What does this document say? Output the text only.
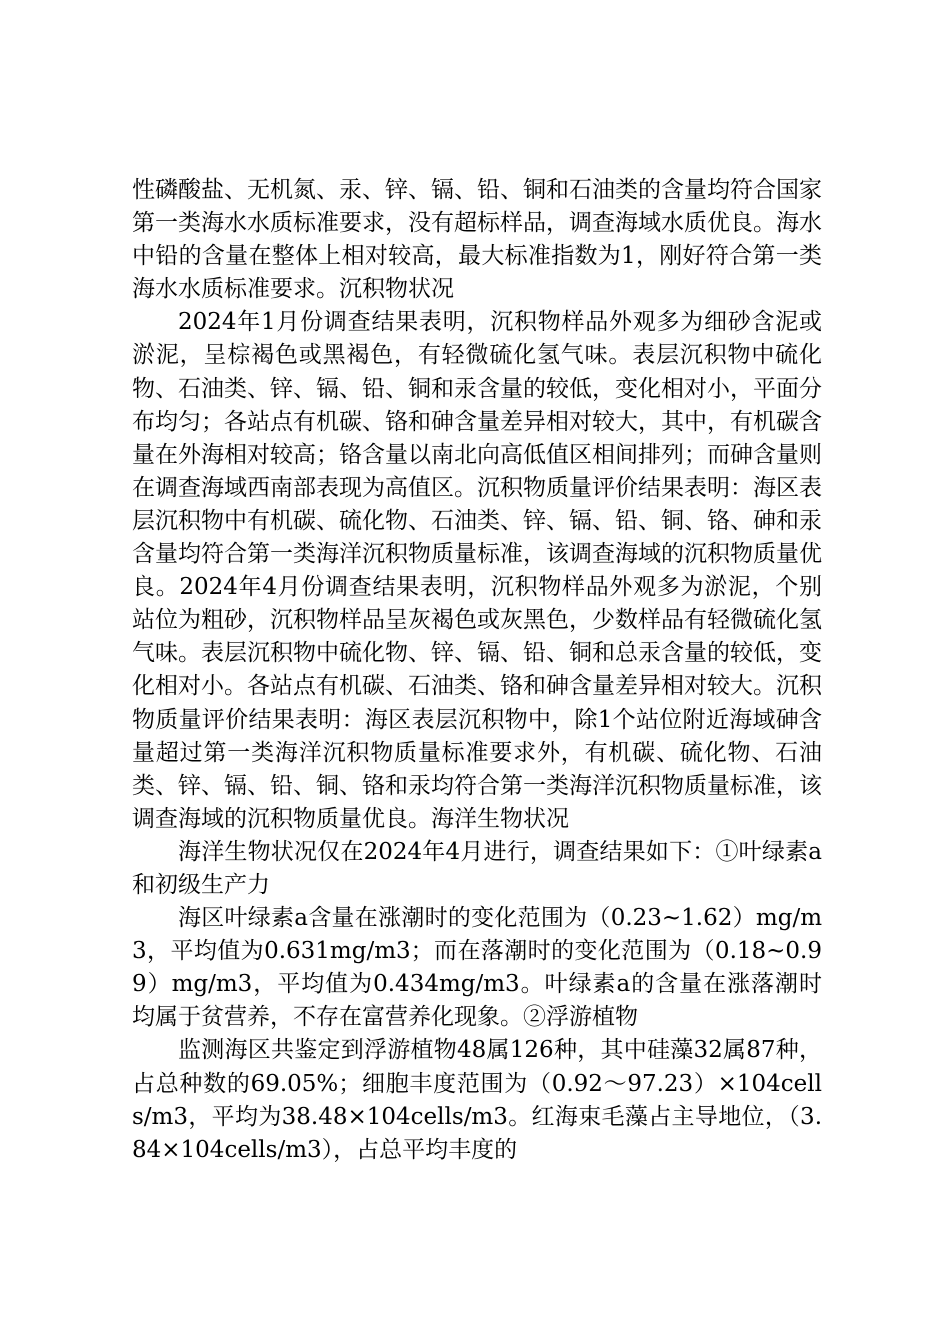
性磷酸盐、无机氮、汞、锌、镉、铅、铜和石油类的含量均符合国家第一类海水水质标准要求，没有超标样品，调查海域水质优良。海水中铅的含量在整体上相对较高，最大标准指数为1，刚好符合第一类海水水质标准要求。沉积物状况

2024年1月份调查结果表明，沉积物样品外观多为细砂含泥或淤泥，呈棕褐色或黑褐色，有轻微硫化氢气味。表层沉积物中硫化物、石油类、锌、镉、铅、铜和汞含量的较低，变化相对小，平面分布均匀；各站点有机碳、铬和砷含量差异相对较大，其中，有机碳含量在外海相对较高；铬含量以南北向高低值区相间排列；而砷含量则在调查海域西南部表现为高值区。沉积物质量评价结果表明：海区表层沉积物中有机碳、硫化物、石油类、锌、镉、铅、铜、铬、砷和汞含量均符合第一类海洋沉积物质量标准，该调查海域的沉积物质量优良。2024年4月份调查结果表明，沉积物样品外观多为淤泥，个别站位为粗砂，沉积物样品呈灰褐色或灰黑色，少数样品有轻微硫化氢气味。表层沉积物中硫化物、锌、镉、铅、铜和总汞含量的较低，变化相对小。各站点有机碳、石油类、铬和砷含量差异相对较大。沉积物质量评价结果表明：海区表层沉积物中，除1个站位附近海域砷含量超过第一类海洋沉积物质量标准要求外，有机碳、硫化物、石油类、锌、镉、铅、铜、铬和汞均符合第一类海洋沉积物质量标准，该调查海域的沉积物质量优良。海洋生物状况

海洋生物状况仅在2024年4月进行，调查结果如下：①叶绿素a和初级生产力

海区叶绿素a含量在涨潮时的变化范围为（0.23~1.62）mg/m3，平均值为0.631mg/m3；而在落潮时的变化范围为（0.18~0.99）mg/m3，平均值为0.434mg/m3。叶绿素a的含量在涨落潮时均属于贫营养，不存在富营养化现象。②浮游植物

监测海区共鉴定到浮游植物48属126种，其中硅藻32属87种，占总种数的69.05%；细胞丰度范围为（0.92～97.23）×104cells/m3，平均为38.48×104cells/m3。红海束毛藻占主导地位，（3.84×104cells/m3），占总平均丰度的
